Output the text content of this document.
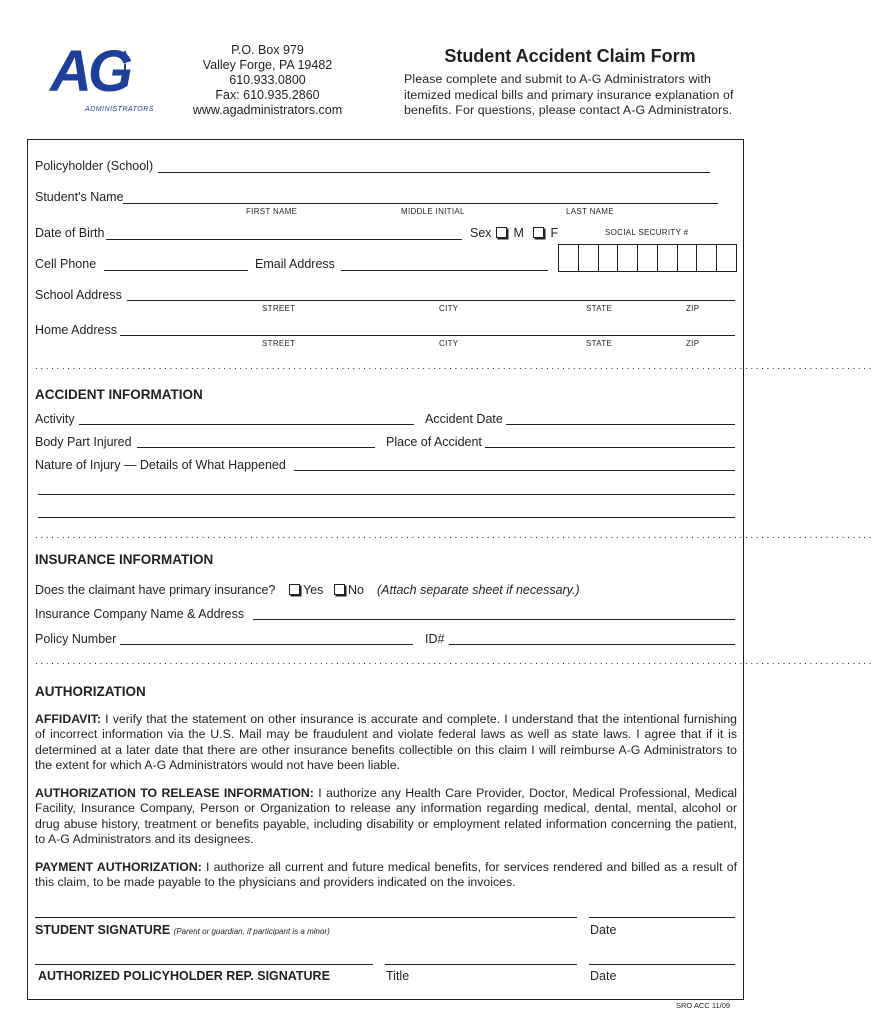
AG
ADMINISTRATORS
P.O. Box 979
Valley Forge, PA 19482
610.933.0800
Fax: 610.935.2860
www.agadministrators.com
Student Accident Claim Form
Please complete and submit to A-G Administrators with itemized medical bills and primary insurance explanation of benefits. For questions, please contact A-G Administrators.
Policyholder (School)
Student's Name
FIRST NAME	MIDDLE INITIAL	LAST NAME
Date of Birth	Sex	M	F	SOCIAL SECURITY #
Cell Phone	Email Address
School Address
STREET	CITY	STATE	ZIP
Home Address
STREET	CITY	STATE	ZIP
............................................................................................................................................................
ACCIDENT INFORMATION
Activity	Accident Date
Body Part Injured	Place of Accident
Nature of Injury — Details of What Happened
............................................................................................................................................................
INSURANCE INFORMATION
Does the claimant have primary insurance?	Yes	No (Attach separate sheet if necessary.)
Insurance Company Name & Address
Policy Number	ID#
............................................................................................................................................................
AUTHORIZATION
AFFIDAVIT: I verify that the statement on other insurance is accurate and complete. I understand that the intentional furnishing of incorrect information via the U.S. Mail may be fraudulent and violate federal laws as well as state laws. I agree that if it is determined at a later date that there are other insurance benefits collectible on this claim I will reimburse A-G Administrators to the extent for which A-G Administrators would not have been liable.
AUTHORIZATION TO RELEASE INFORMATION: I authorize any Health Care Provider, Doctor, Medical Professional, Medical Facility, Insurance Company, Person or Organization to release any information regarding medical, dental, mental, alcohol or drug abuse history, treatment or benefits payable, including disability or employment related information concerning the patient, to A-G Administrators and its designees.
PAYMENT AUTHORIZATION: I authorize all current and future medical benefits, for services rendered and billed as a result of this claim, to be made payable to the physicians and providers indicated on the invoices.
STUDENT SIGNATURE (Parent or guardian, if participant is a minor)	Date
AUTHORIZED POLICYHOLDER REP. SIGNATURE	Title	Date
SRO ACC 11/09
